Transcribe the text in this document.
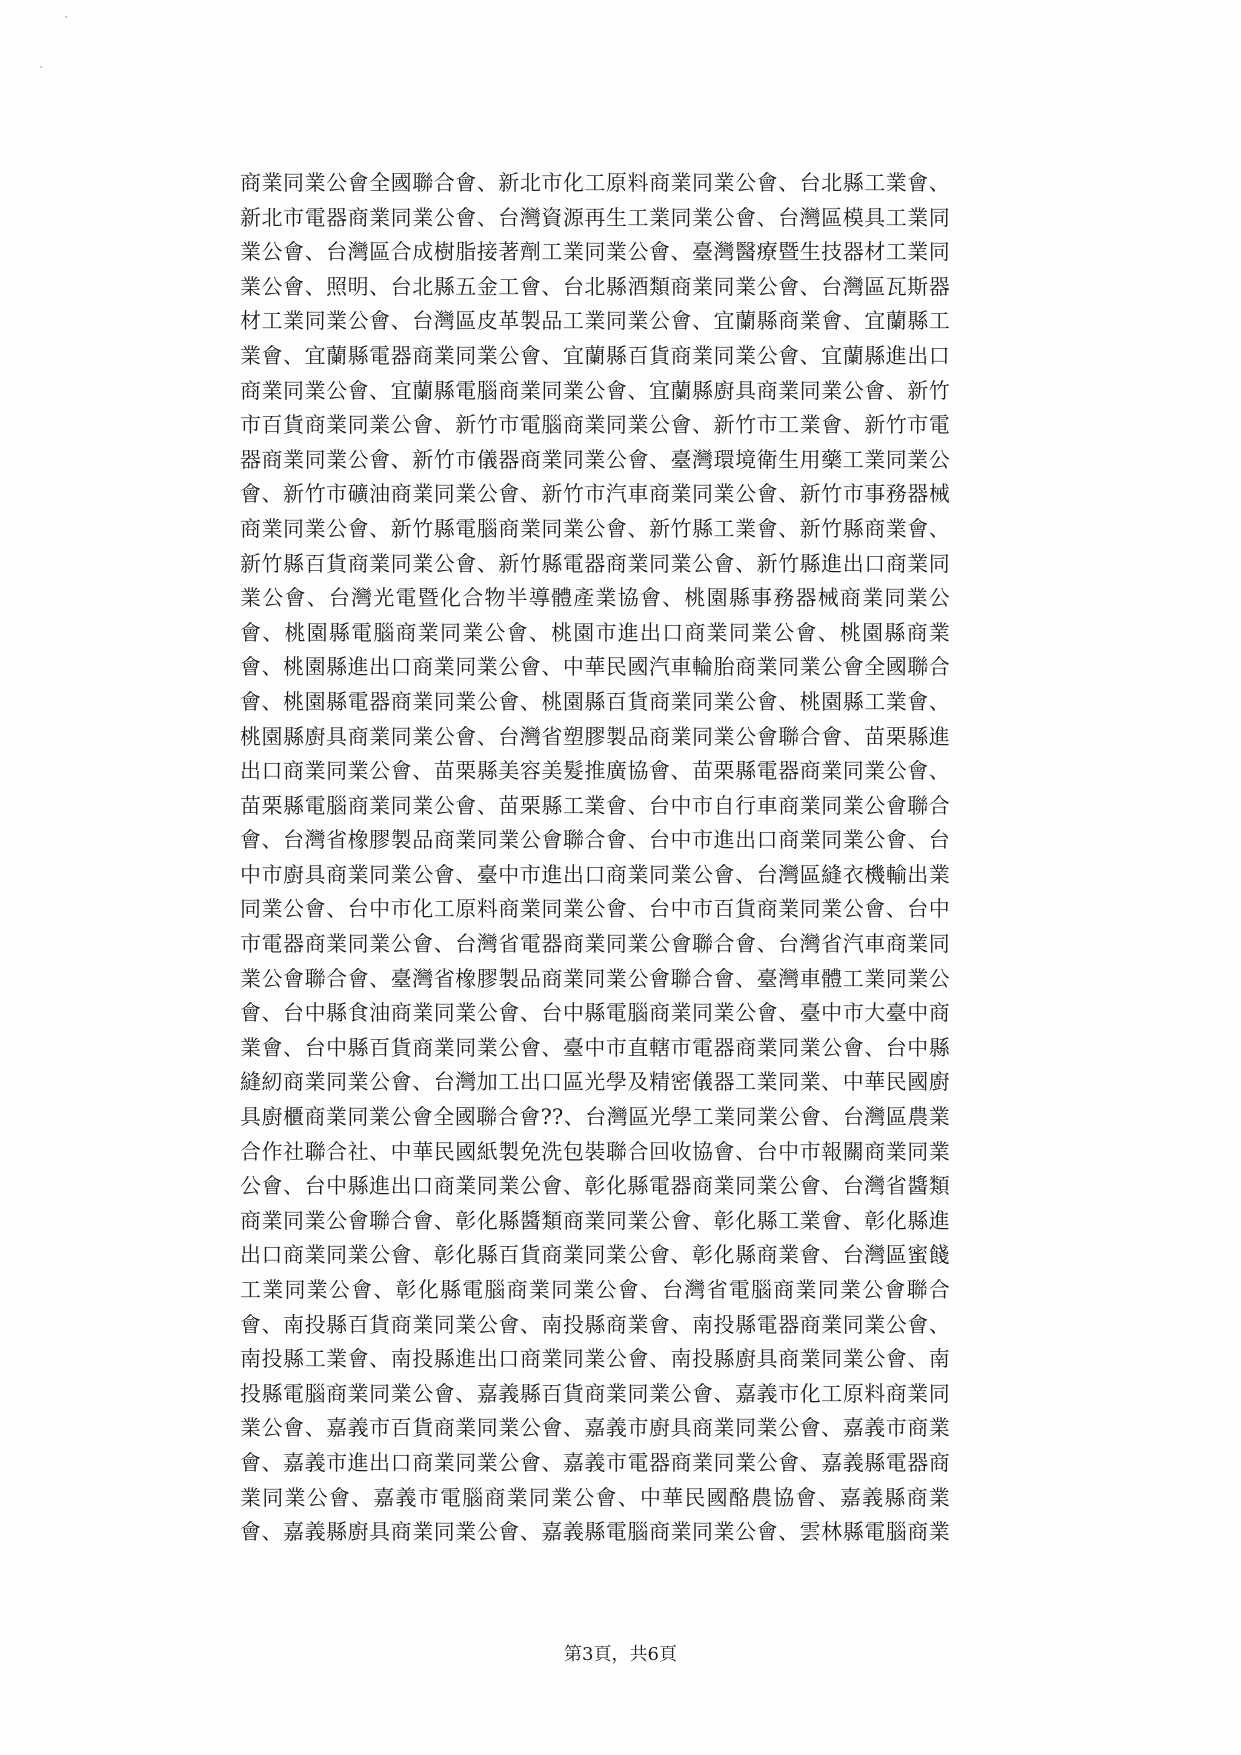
商業同業公會全國聯合會、新北市化工原料商業同業公會、台北縣工業會、
新北市電器商業同業公會、台灣資源再生工業同業公會、台灣區模具工業同
業公會、台灣區合成樹脂接著劑工業同業公會、臺灣醫療暨生技器材工業同
業公會、照明、台北縣五金工會、台北縣酒類商業同業公會、台灣區瓦斯器
材工業同業公會、台灣區皮革製品工業同業公會、宜蘭縣商業會、宜蘭縣工
業會、宜蘭縣電器商業同業公會、宜蘭縣百貨商業同業公會、宜蘭縣進出口
商業同業公會、宜蘭縣電腦商業同業公會、宜蘭縣廚具商業同業公會、新竹
市百貨商業同業公會、新竹市電腦商業同業公會、新竹市工業會、新竹市電
器商業同業公會、新竹市儀器商業同業公會、臺灣環境衛生用藥工業同業公
會、新竹市礦油商業同業公會、新竹市汽車商業同業公會、新竹市事務器械
商業同業公會、新竹縣電腦商業同業公會、新竹縣工業會、新竹縣商業會、
新竹縣百貨商業同業公會、新竹縣電器商業同業公會、新竹縣進出口商業同
業公會、台灣光電暨化合物半導體產業協會、桃園縣事務器械商業同業公
會、桃園縣電腦商業同業公會、桃園市進出口商業同業公會、桃園縣商業
會、桃園縣進出口商業同業公會、中華民國汽車輪胎商業同業公會全國聯合
會、桃園縣電器商業同業公會、桃園縣百貨商業同業公會、桃園縣工業會、
桃園縣廚具商業同業公會、台灣省塑膠製品商業同業公會聯合會、苗栗縣進
出口商業同業公會、苗栗縣美容美髮推廣協會、苗栗縣電器商業同業公會、
苗栗縣電腦商業同業公會、苗栗縣工業會、台中市自行車商業同業公會聯合
會、台灣省橡膠製品商業同業公會聯合會、台中市進出口商業同業公會、台
中市廚具商業同業公會、臺中市進出口商業同業公會、台灣區縫衣機輸出業
同業公會、台中市化工原料商業同業公會、台中市百貨商業同業公會、台中
市電器商業同業公會、台灣省電器商業同業公會聯合會、台灣省汽車商業同
業公會聯合會、臺灣省橡膠製品商業同業公會聯合會、臺灣車體工業同業公
會、台中縣食油商業同業公會、台中縣電腦商業同業公會、臺中市大臺中商
業會、台中縣百貨商業同業公會、臺中市直轄市電器商業同業公會、台中縣
縫紉商業同業公會、台灣加工出口區光學及精密儀器工業同業、中華民國廚
具廚櫃商業同業公會全國聯合會??、台灣區光學工業同業公會、台灣區農業
合作社聯合社、中華民國紙製免洗包裝聯合回收協會、台中市報關商業同業
公會、台中縣進出口商業同業公會、彰化縣電器商業同業公會、台灣省醬類
商業同業公會聯合會、彰化縣醬類商業同業公會、彰化縣工業會、彰化縣進
出口商業同業公會、彰化縣百貨商業同業公會、彰化縣商業會、台灣區蜜餞
工業同業公會、彰化縣電腦商業同業公會、台灣省電腦商業同業公會聯合
會、南投縣百貨商業同業公會、南投縣商業會、南投縣電器商業同業公會、
南投縣工業會、南投縣進出口商業同業公會、南投縣廚具商業同業公會、南
投縣電腦商業同業公會、嘉義縣百貨商業同業公會、嘉義市化工原料商業同
業公會、嘉義市百貨商業同業公會、嘉義市廚具商業同業公會、嘉義市商業
會、嘉義市進出口商業同業公會、嘉義市電器商業同業公會、嘉義縣電器商
業同業公會、嘉義市電腦商業同業公會、中華民國酪農協會、嘉義縣商業
會、嘉義縣廚具商業同業公會、嘉義縣電腦商業同業公會、雲林縣電腦商業
第3頁，共6頁
